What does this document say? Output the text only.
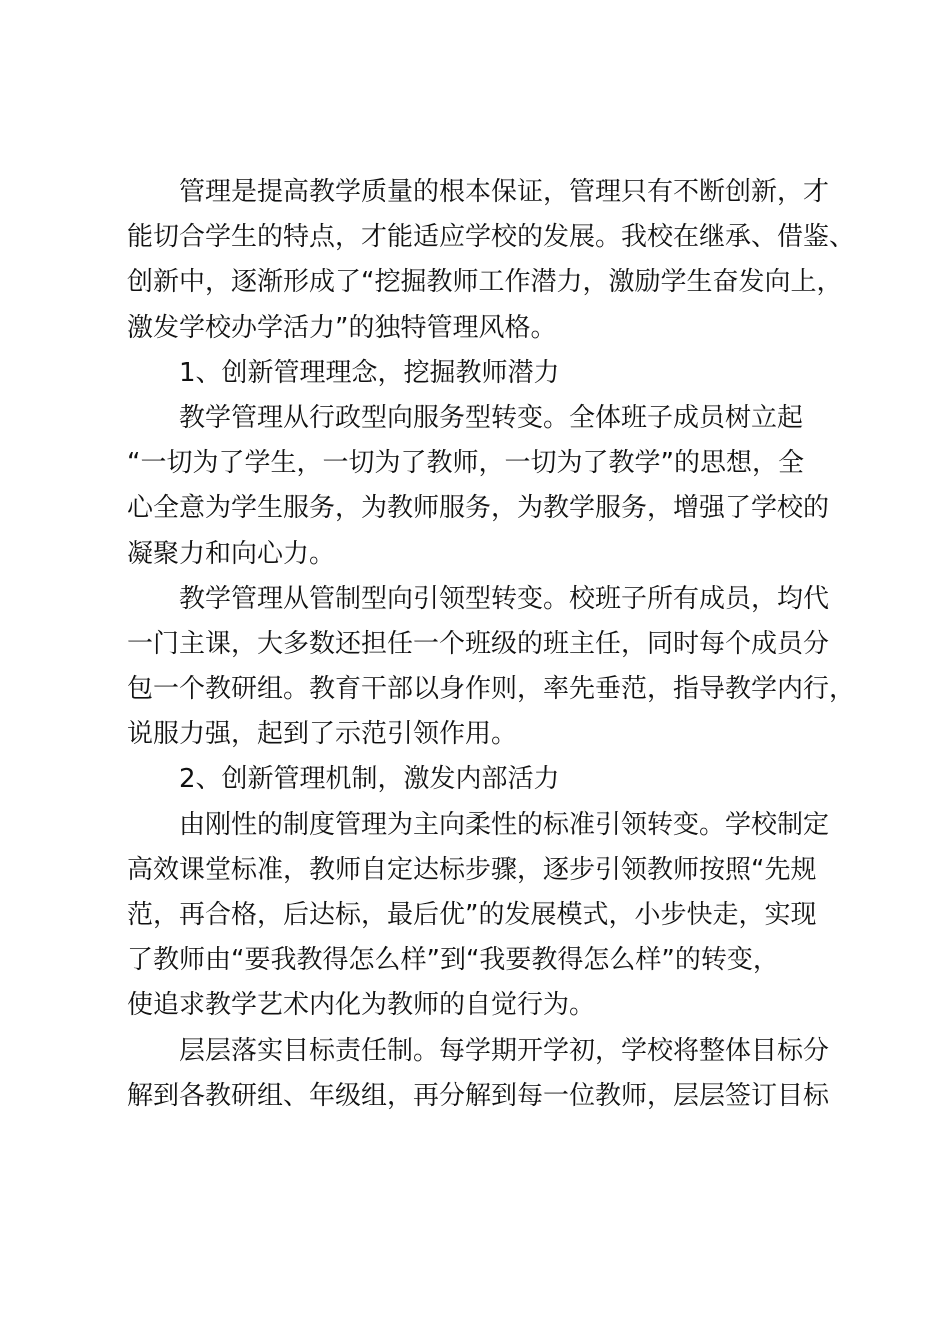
管理是提高教学质量的根本保证，管理只有不断创新，才
能切合学生的特点，才能适应学校的发展。我校在继承、借鉴、
创新中，逐渐形成了“挖掘教师工作潜力，激励学生奋发向上，
激发学校办学活力”的独特管理风格。
1、创新管理理念，挖掘教师潜力
教学管理从行政型向服务型转变。全体班子成员树立起
“一切为了学生，一切为了教师，一切为了教学”的思想，全
心全意为学生服务，为教师服务，为教学服务，增强了学校的
凝聚力和向心力。
教学管理从管制型向引领型转变。校班子所有成员，均代
一门主课，大多数还担任一个班级的班主任，同时每个成员分
包一个教研组。教育干部以身作则，率先垂范，指导教学内行，
说服力强，起到了示范引领作用。
2、创新管理机制，激发内部活力
由刚性的制度管理为主向柔性的标准引领转变。学校制定
高效课堂标准，教师自定达标步骤，逐步引领教师按照“先规
范，再合格，后达标，最后优”的发展模式，小步快走，实现
了教师由“要我教得怎么样”到“我要教得怎么样”的转变，
使追求教学艺术内化为教师的自觉行为。
层层落实目标责任制。每学期开学初，学校将整体目标分
解到各教研组、年级组，再分解到每一位教师，层层签订目标
